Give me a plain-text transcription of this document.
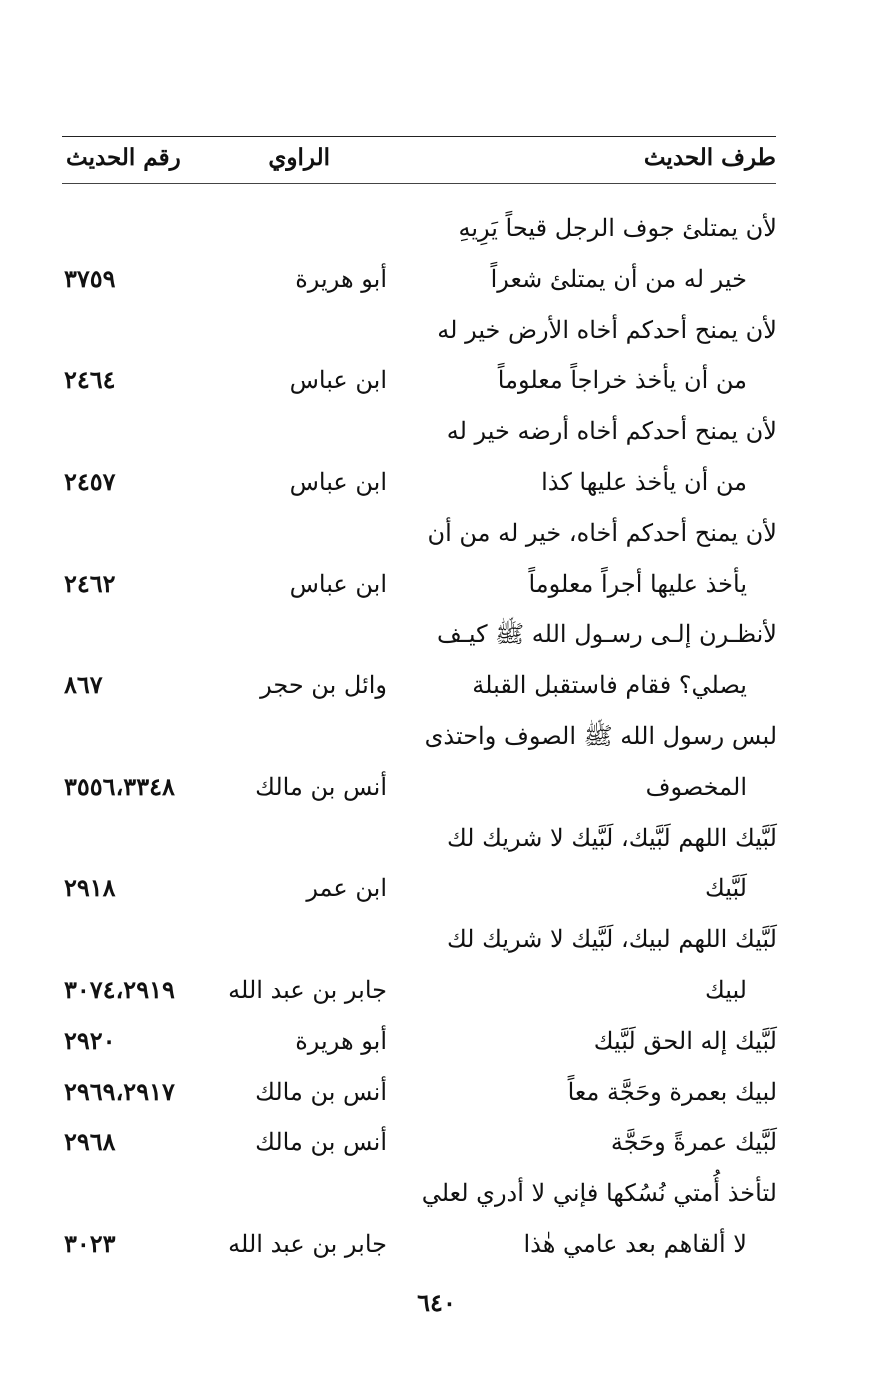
طرف الحديث
الراوي
رقم الحديث
لأن يمتلئ جوف الرجل قيحاً يَرِيهِ
خير له من أن يمتلئ شعراً
أبو هريرة
٣٧٥٩
لأن يمنح أحدكم أخاه الأرض خير له
من أن يأخذ خراجاً معلوماً
ابن عباس
٢٤٦٤
لأن يمنح أحدكم أخاه أرضه خير له
من أن يأخذ عليها كذا
ابن عباس
٢٤٥٧
لأن يمنح أحدكم أخاه، خير له من أن
يأخذ عليها أجراً معلوماً
ابن عباس
٢٤٦٢
لأنظـرن إلـى رسـول الله ﷺ كيـف
يصلي؟ فقام فاستقبل القبلة
وائل بن حجر
٨٦٧
لبس رسول الله ﷺ الصوف واحتذى
المخصوف
أنس بن مالك
٣٥٥٦،٣٣٤٨
لَبَّيك اللهم لَبَّيك، لَبَّيك لا شريك لك
لَبَّيك
ابن عمر
٢٩١٨
لَبَّيك اللهم لبيك، لَبَّيك لا شريك لك
لبيك
جابر بن عبد الله
٣٠٧٤،٢٩١٩
لَبَّيك إله الحق لَبَّيك
أبو هريرة
٢٩٢٠
لبيك بعمرة وحَجَّة معاً
أنس بن مالك
٢٩٦٩،٢٩١٧
لَبَّيك عمرةً وحَجَّة
أنس بن مالك
٢٩٦٨
لتأخذ أُمتي نُسُكها فإني لا أدري لعلي
لا ألقاهم بعد عامي هٰذا
جابر بن عبد الله
٣٠٢٣
٦٤٠
